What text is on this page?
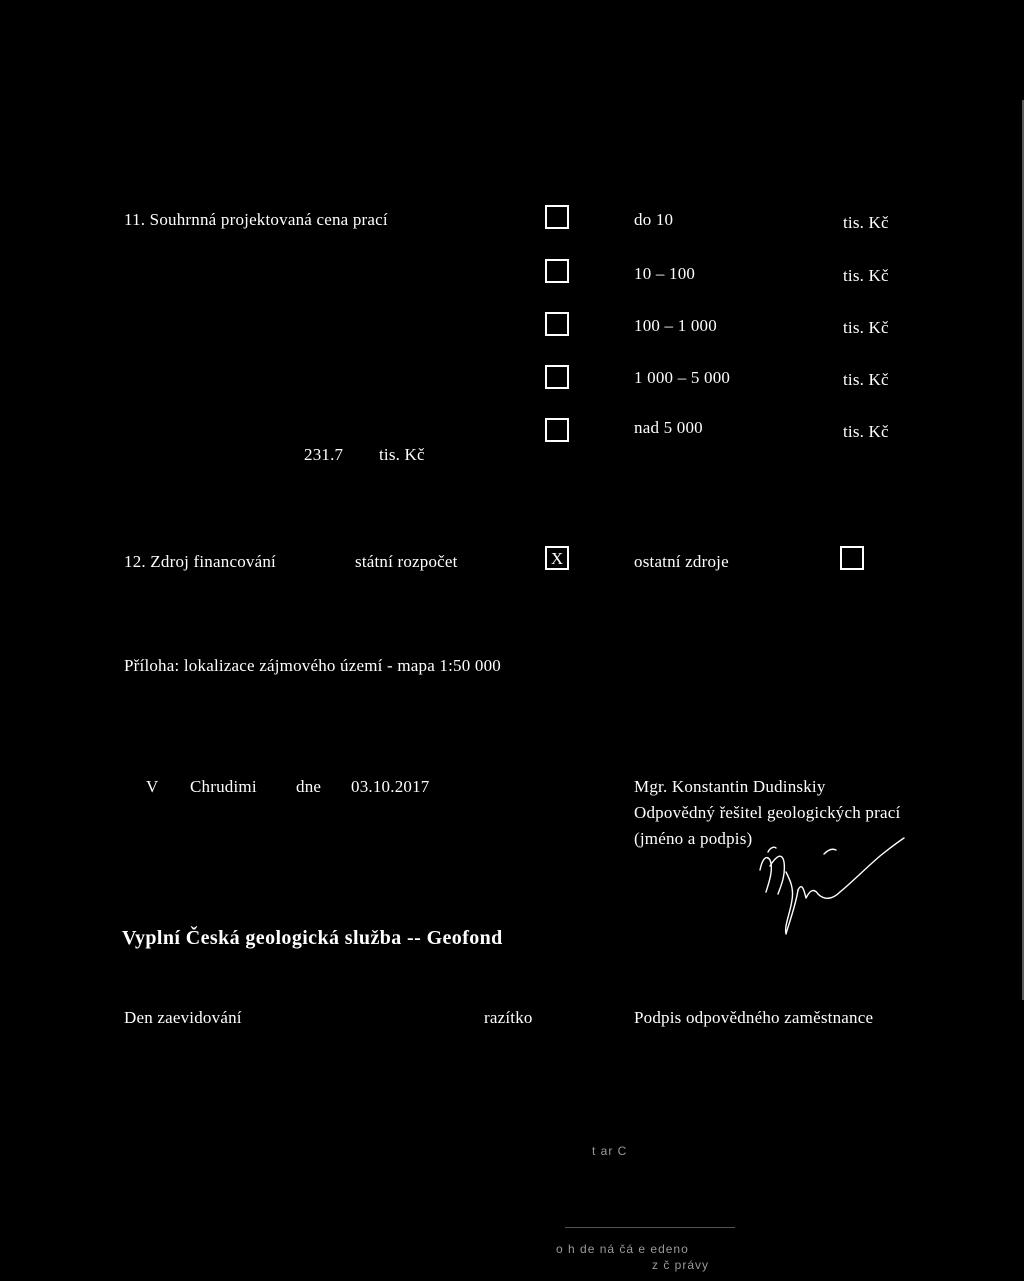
11. Souhrnná projektovaná cena prací	do 10	tis. Kč
10 – 100	tis. Kč
100 – 1 000	tis. Kč
1 000 – 5 000	tis. Kč
nad 5 000	tis. Kč
231.7 tis. Kč
12. Zdroj financování	státní rozpočet	X	ostatní zdroje
Příloha: lokalizace zájmového území - mapa 1:50 000
V Chrudimi dne 03.10.2017	Mgr. Konstantin Dudinskiy
Odpovědný řešitel geologických prací
(jméno a podpis)
Vyplní Česká geologická služba -- Geofond
Den zaevidování	razítko	Podpis odpovědného zaměstnance
t ar C
o h de ná čá e edeno
z č právy
